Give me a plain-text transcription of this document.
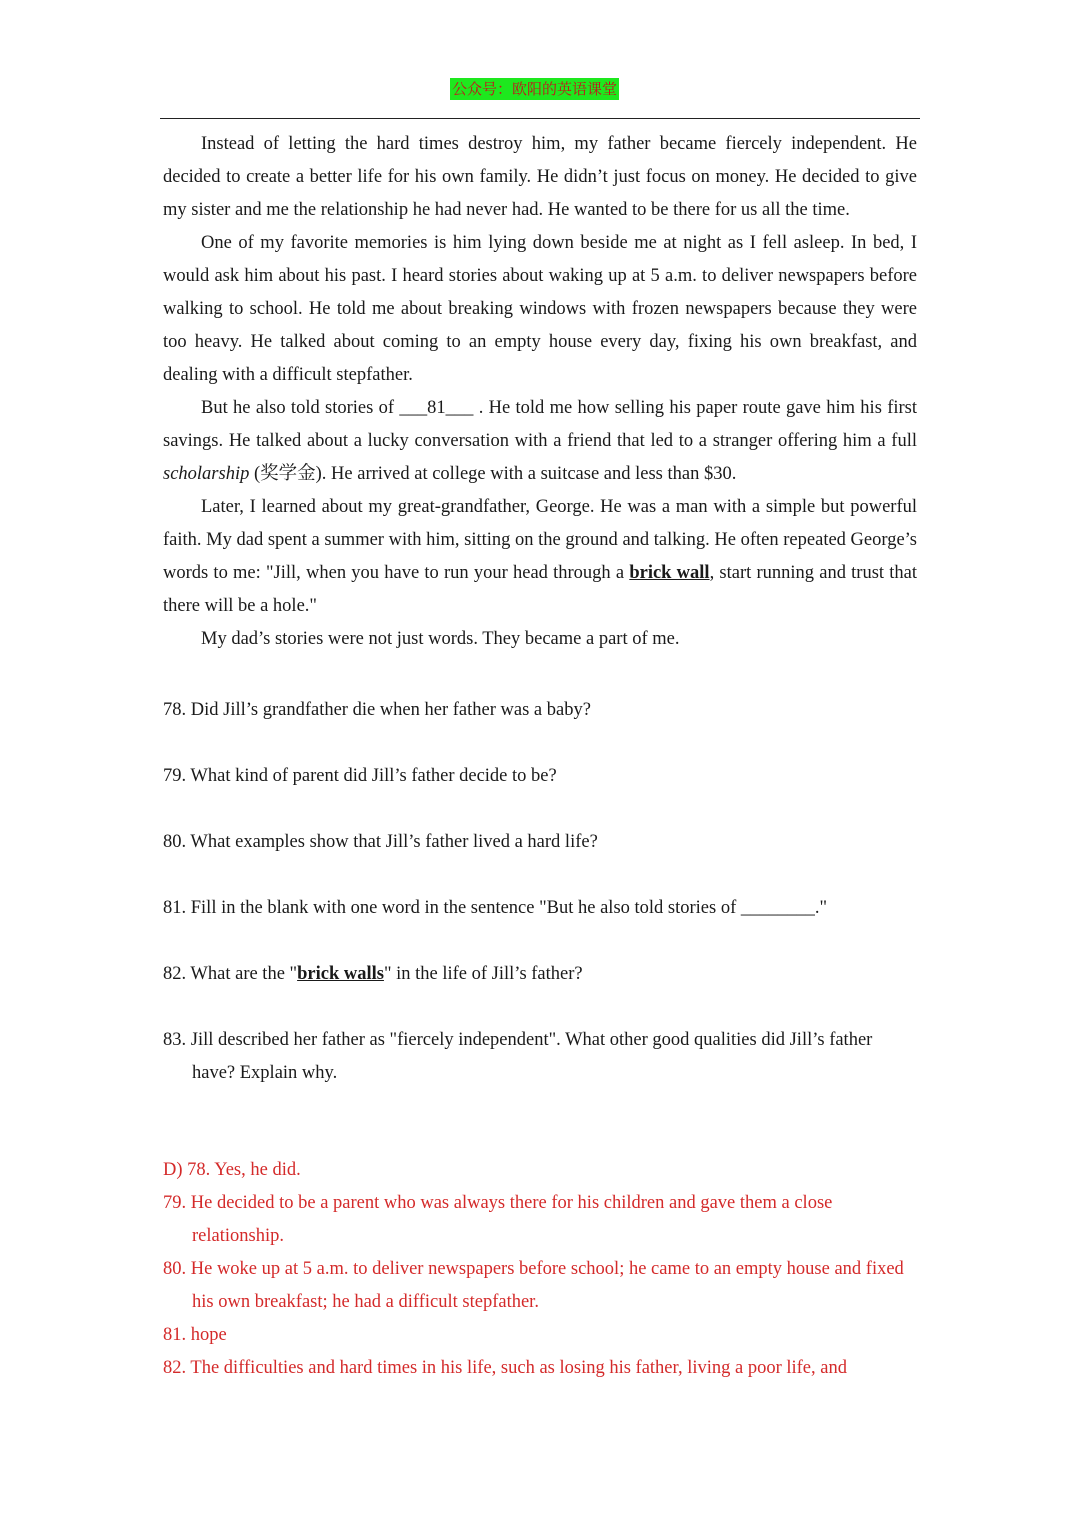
公众号：欧阳的英语课堂

Instead of letting the hard times destroy him, my father became fiercely independent. He decided to create a better life for his own family. He didn’t just focus on money. He decided to give my sister and me the relationship he had never had. He wanted to be there for us all the time.

One of my favorite memories is him lying down beside me at night as I fell asleep. In bed, I would ask him about his past. I heard stories about waking up at 5 a.m. to deliver newspapers before walking to school. He told me about breaking windows with frozen newspapers because they were too heavy. He talked about coming to an empty house every day, fixing his own breakfast, and dealing with a difficult stepfather.

But he also told stories of ___81___ . He told me how selling his paper route gave him his first savings. He talked about a lucky conversation with a friend that led to a stranger offering him a full scholarship (奖学金). He arrived at college with a suitcase and less than $30.

Later, I learned about my great-grandfather, George. He was a man with a simple but powerful faith. My dad spent a summer with him, sitting on the ground and talking. He often repeated George’s words to me: "Jill, when you have to run your head through a brick wall, start running and trust that there will be a hole."

My dad’s stories were not just words. They became a part of me.

78. Did Jill’s grandfather die when her father was a baby?

79. What kind of parent did Jill’s father decide to be?

80. What examples show that Jill’s father lived a hard life?

81. Fill in the blank with one word in the sentence "But he also told stories of ________."

82. What are the "brick walls" in the life of Jill’s father?

83. Jill described her father as "fiercely independent". What other good qualities did Jill’s father have? Explain why.

D) 78. Yes, he did.

79. He decided to be a parent who was always there for his children and gave them a close relationship.

80. He woke up at 5 a.m. to deliver newspapers before school; he came to an empty house and fixed his own breakfast; he had a difficult stepfather.

81. hope

82. The difficulties and hard times in his life, such as losing his father, living a poor life, and
